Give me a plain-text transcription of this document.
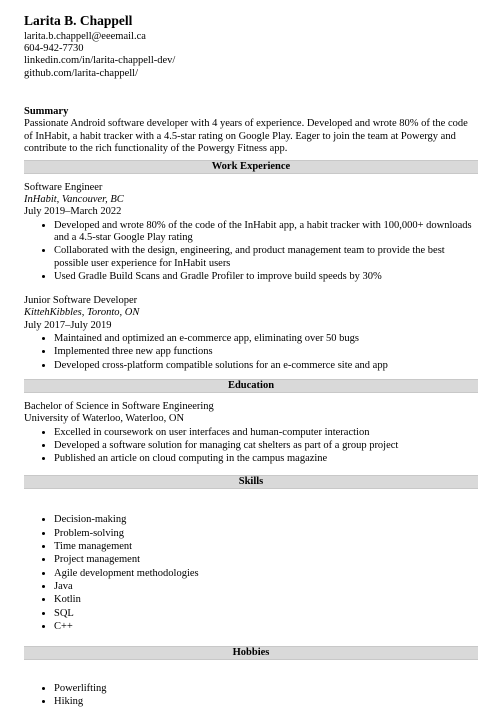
Larita B. Chappell
larita.b.chappell@eeemail.ca
604-942-7730
linkedin.com/in/larita-chappell-dev/
github.com/larita-chappell/
Summary
Passionate Android software developer with 4 years of experience. Developed and wrote 80% of the code of InHabit, a habit tracker with a 4.5-star rating on Google Play. Eager to join the team at Powergy and contribute to the rich functionality of the Powergy Fitness app.
Work Experience
Software Engineer
InHabit, Vancouver, BC
July 2019–March 2022
• Developed and wrote 80% of the code of the InHabit app, a habit tracker with 100,000+ downloads and a 4.5-star Google Play rating
• Collaborated with the design, engineering, and product management team to provide the best possible user experience for InHabit users
• Used Gradle Build Scans and Gradle Profiler to improve build speeds by 30%
Junior Software Developer
KittehKibbles, Toronto, ON
July 2017–July 2019
• Maintained and optimized an e-commerce app, eliminating over 50 bugs
• Implemented three new app functions
• Developed cross-platform compatible solutions for an e-commerce site and app
Education
Bachelor of Science in Software Engineering
University of Waterloo, Waterloo, ON
• Excelled in coursework on user interfaces and human-computer interaction
• Developed a software solution for managing cat shelters as part of a group project
• Published an article on cloud computing in the campus magazine
Skills
• Decision-making
• Problem-solving
• Time management
• Project management
• Agile development methodologies
• Java
• Kotlin
• SQL
• C++
Hobbies
• Powerlifting
• Hiking
